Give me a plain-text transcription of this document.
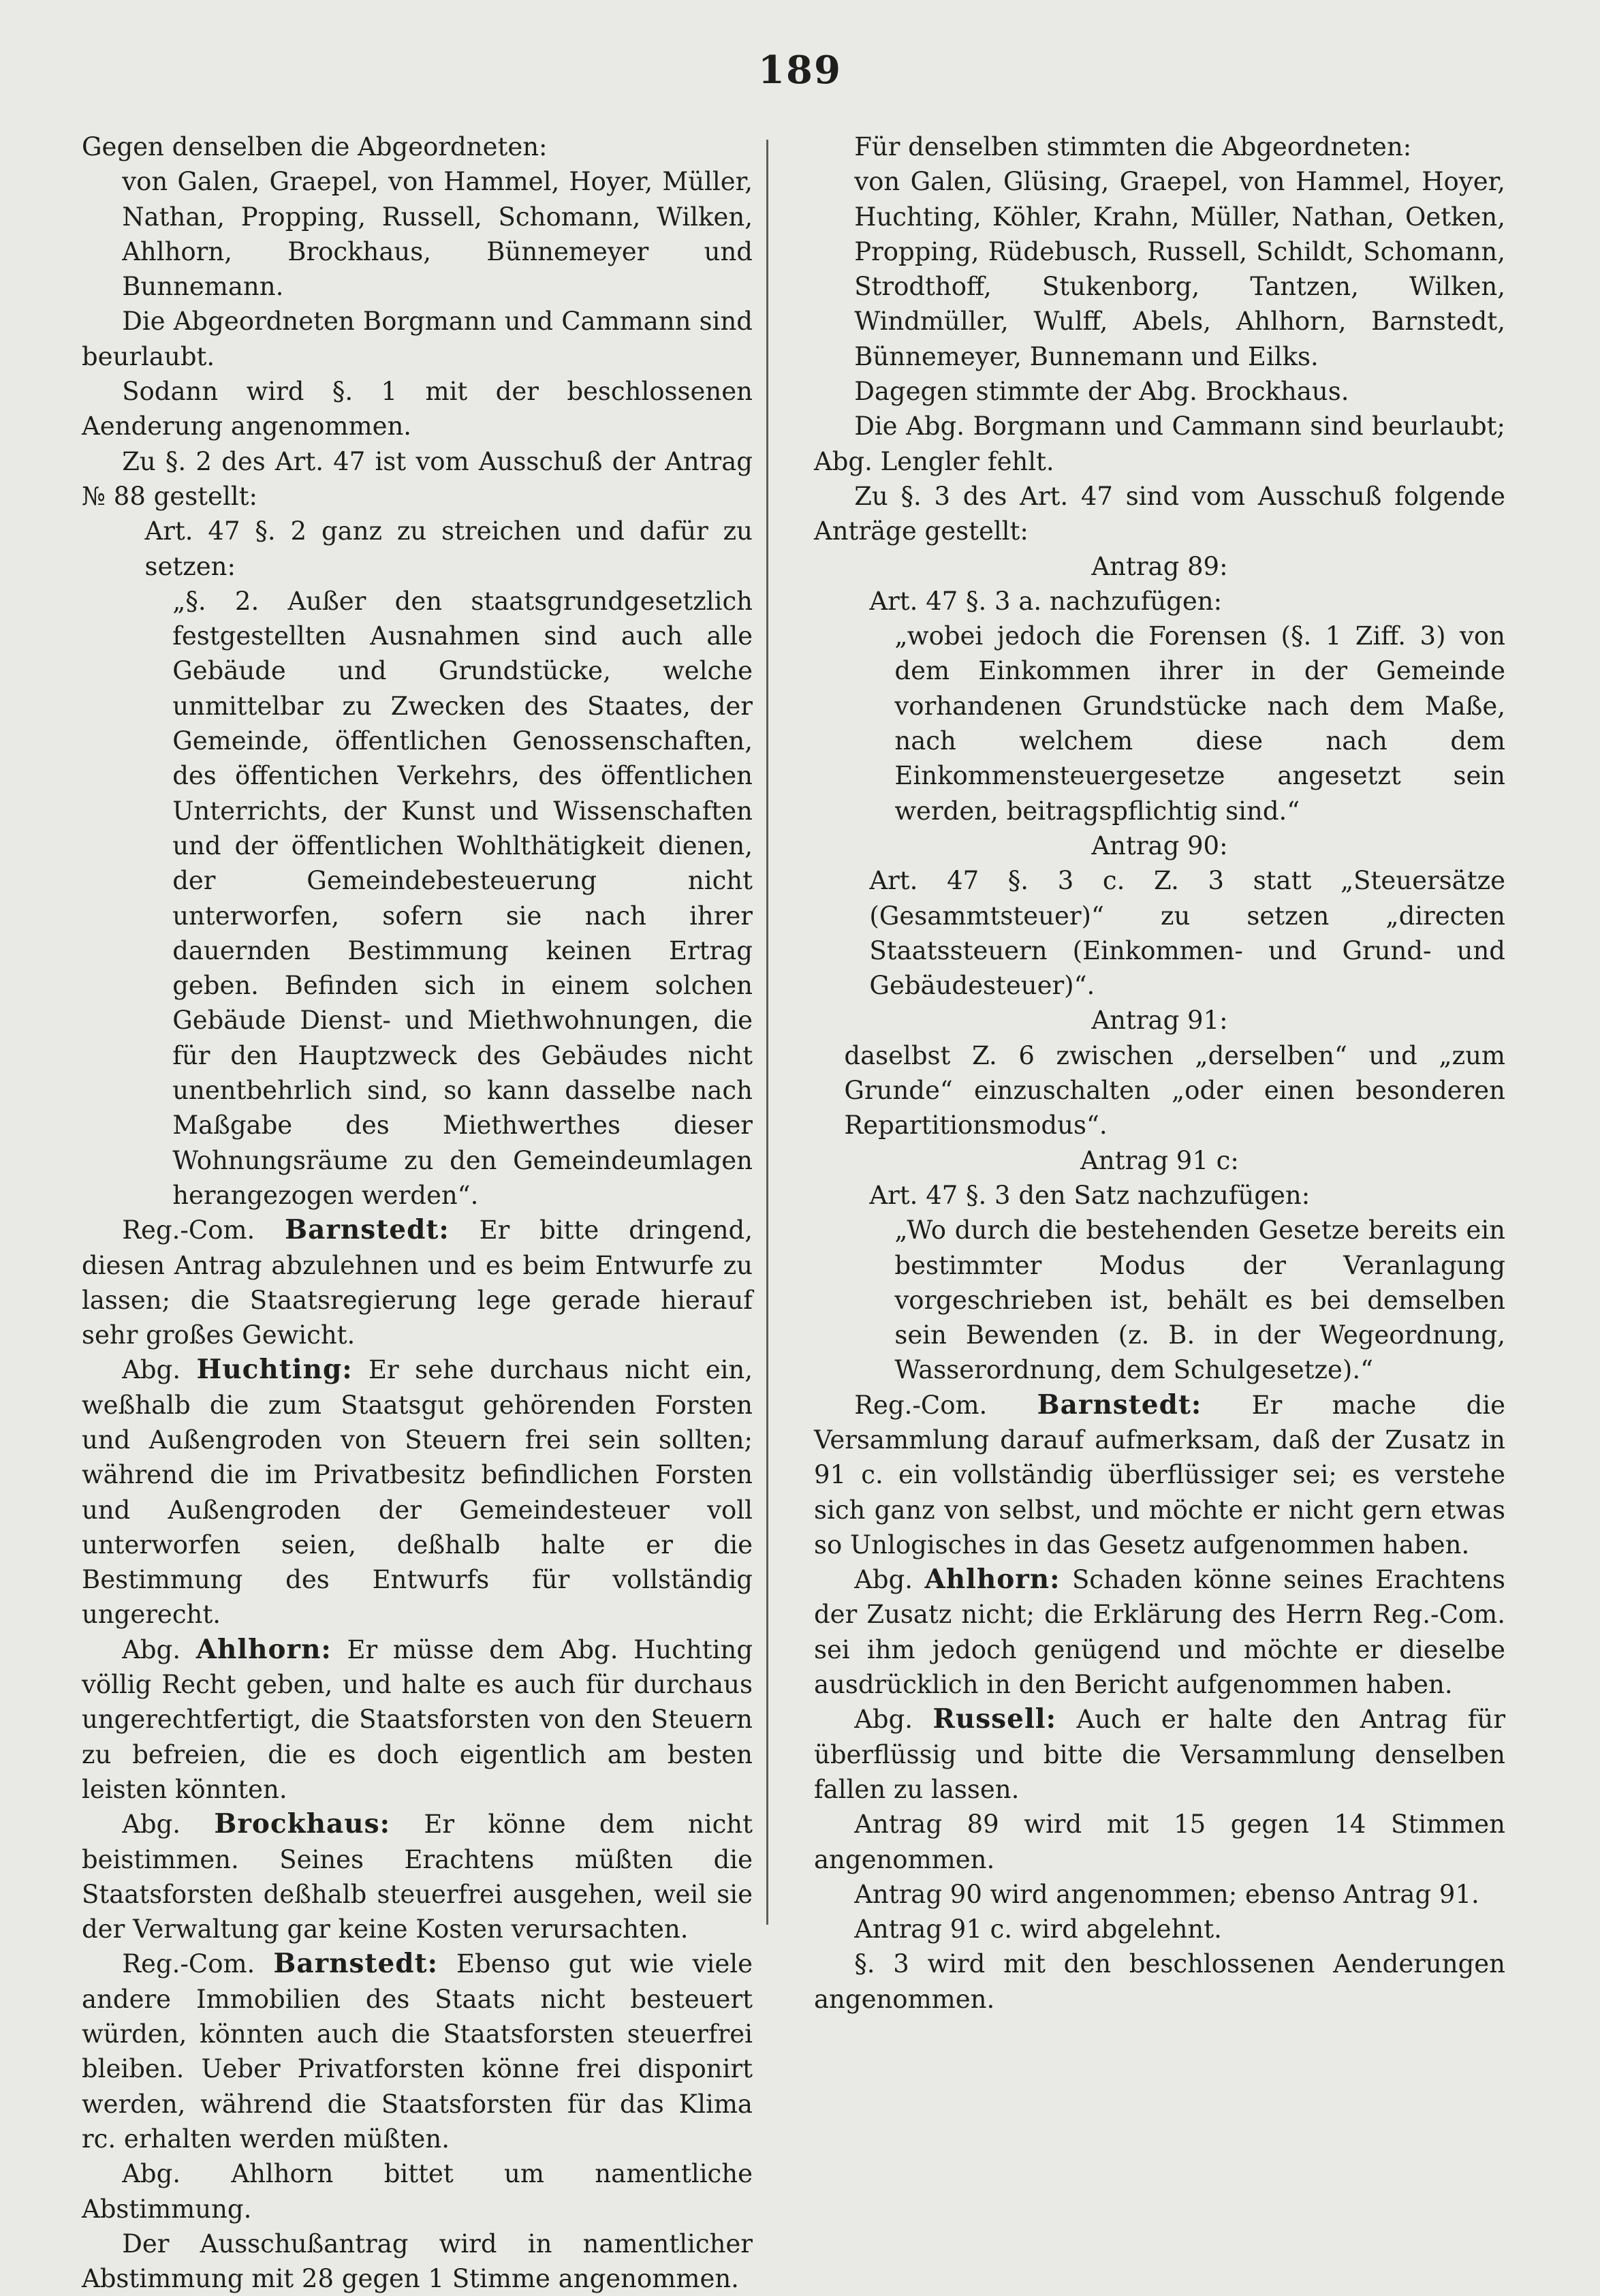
189

Gegen denselben die Abgeordneten:

von Galen, Graepel, von Hammel, Hoyer, Müller, Nathan, Propping, Russell, Schomann, Wilken, Ahlhorn, Brockhaus, Bünnemeyer und Bunnemann.

Die Abgeordneten Borgmann und Cammann sind beurlaubt.

Sodann wird §. 1 mit der beschlossenen Aenderung angenommen.

Zu §. 2 des Art. 47 ist vom Ausschuß der Antrag № 88 gestellt:

Art. 47 §. 2 ganz zu streichen und dafür zu setzen:

„§. 2. Außer den staatsgrundgesetzlich festgestellten Ausnahmen sind auch alle Gebäude und Grundstücke, welche unmittelbar zu Zwecken des Staates, der Gemeinde, öffentlichen Genossenschaften, des öffentichen Verkehrs, des öffentlichen Unterrichts, der Kunst und Wissenschaften und der öffentlichen Wohlthätigkeit dienen, der Gemeindebesteuerung nicht unterworfen, sofern sie nach ihrer dauernden Bestimmung keinen Ertrag geben. Befinden sich in einem solchen Gebäude Dienst- und Miethwohnungen, die für den Hauptzweck des Gebäudes nicht unentbehrlich sind, so kann dasselbe nach Maßgabe des Miethwerthes dieser Wohnungsräume zu den Gemeindeumlagen herangezogen werden“.

Reg.-Com. Barnstedt: Er bitte dringend, diesen Antrag abzulehnen und es beim Entwurfe zu lassen; die Staatsregierung lege gerade hierauf sehr großes Gewicht.

Abg. Huchting: Er sehe durchaus nicht ein, weßhalb die zum Staatsgut gehörenden Forsten und Außengroden von Steuern frei sein sollten; während die im Privatbesitz befindlichen Forsten und Außengroden der Gemeindesteuer voll unterworfen seien, deßhalb halte er die Bestimmung des Entwurfs für vollständig ungerecht.

Abg. Ahlhorn: Er müsse dem Abg. Huchting völlig Recht geben, und halte es auch für durchaus ungerechtfertigt, die Staatsforsten von den Steuern zu befreien, die es doch eigentlich am besten leisten könnten.

Abg. Brockhaus: Er könne dem nicht beistimmen. Seines Erachtens müßten die Staatsforsten deßhalb steuerfrei ausgehen, weil sie der Verwaltung gar keine Kosten verursachten.

Reg.-Com. Barnstedt: Ebenso gut wie viele andere Immobilien des Staats nicht besteuert würden, könnten auch die Staatsforsten steuerfrei bleiben. Ueber Privatforsten könne frei disponirt werden, während die Staatsforsten für das Klima rc. erhalten werden müßten.

Abg. Ahlhorn bittet um namentliche Abstimmung.

Der Ausschußantrag wird in namentlicher Abstimmung mit 28 gegen 1 Stimme angenommen.

Für denselben stimmten die Abgeordneten:

von Galen, Glüsing, Graepel, von Hammel, Hoyer, Huchting, Köhler, Krahn, Müller, Nathan, Oetken, Propping, Rüdebusch, Russell, Schildt, Schomann, Strodthoff, Stukenborg, Tantzen, Wilken, Windmüller, Wulff, Abels, Ahlhorn, Barnstedt, Bünnemeyer, Bunnemann und Eilks.

Dagegen stimmte der Abg. Brockhaus.

Die Abg. Borgmann und Cammann sind beurlaubt; Abg. Lengler fehlt.

Zu §. 3 des Art. 47 sind vom Ausschuß folgende Anträge gestellt:

Antrag 89:

Art. 47 §. 3 a. nachzufügen:

„wobei jedoch die Forensen (§. 1 Ziff. 3) von dem Einkommen ihrer in der Gemeinde vorhandenen Grundstücke nach dem Maße, nach welchem diese nach dem Einkommensteuergesetze angesetzt sein werden, beitragspflichtig sind.“

Antrag 90:

Art. 47 §. 3 c. Z. 3 statt „Steuersätze (Gesammtsteuer)“ zu setzen „directen Staatssteuern (Einkommen- und Grund- und Gebäudesteuer)“.

Antrag 91:

daselbst Z. 6 zwischen „derselben“ und „zum Grunde“ einzuschalten „oder einen besonderen Repartitionsmodus“.

Antrag 91 c:

Art. 47 §. 3 den Satz nachzufügen:

„Wo durch die bestehenden Gesetze bereits ein bestimmter Modus der Veranlagung vorgeschrieben ist, behält es bei demselben sein Bewenden (z. B. in der Wegeordnung, Wasserordnung, dem Schulgesetze).“

Reg.-Com. Barnstedt: Er mache die Versammlung darauf aufmerksam, daß der Zusatz in 91 c. ein vollständig überflüssiger sei; es verstehe sich ganz von selbst, und möchte er nicht gern etwas so Unlogisches in das Gesetz aufgenommen haben.

Abg. Ahlhorn: Schaden könne seines Erachtens der Zusatz nicht; die Erklärung des Herrn Reg.-Com. sei ihm jedoch genügend und möchte er dieselbe ausdrücklich in den Bericht aufgenommen haben.

Abg. Russell: Auch er halte den Antrag für überflüssig und bitte die Versammlung denselben fallen zu lassen.

Antrag 89 wird mit 15 gegen 14 Stimmen angenommen.

Antrag 90 wird angenommen; ebenso Antrag 91.

Antrag 91 c. wird abgelehnt.

§. 3 wird mit den beschlossenen Aenderungen angenommen.
